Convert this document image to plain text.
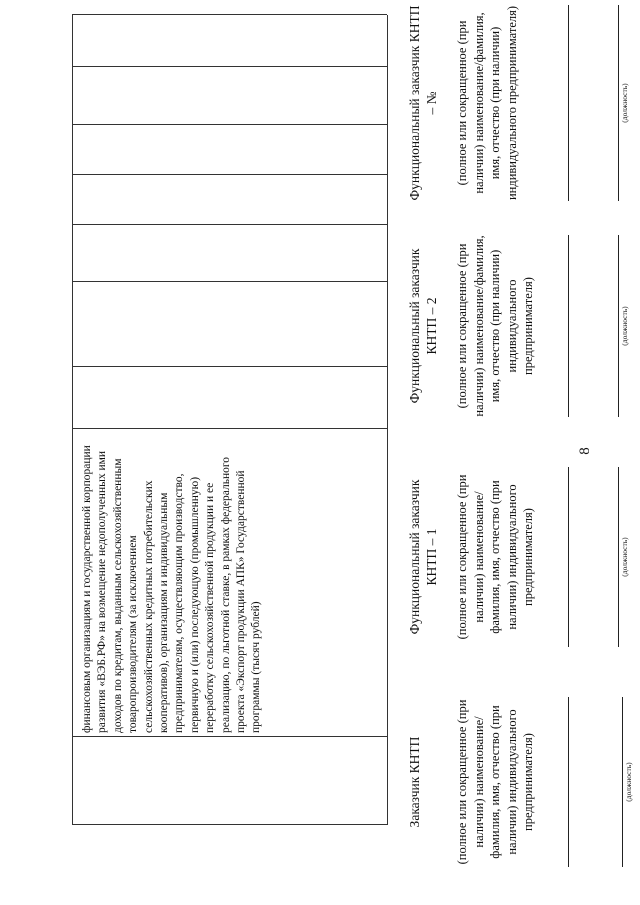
8

финансовым организациям и государственной корпорации развития «ВЭБ.РФ» на возмещение недополученных ими доходов по кредитам, выданным сельскохозяйственным товаропроизводителям (за исключением сельскохозяйственных кредитных потребительских кооперативов), организациям и индивидуальным предпринимателям, осуществляющим производство, первичную и (или) последующую (промышленную) переработку сельскохозяйственной продукции и ее реализацию, по льготной ставке, в рамках федерального проекта «Экспорт продукции АПК» Государственной программы (тысяч рублей)

Заказчик КНТП	(полное или сокращенное (при наличии) наименование/фамилия, имя, отчество (при наличии) индивидуального предпринимателя)	(должность)
Функциональный заказчик КНТП – 1 (полное или сокращенное (при наличии) наименование/фамилия, имя, отчество (при наличии) индивидуального предпринимателя)	(должность)
Функциональный заказчик КНТП – 2 (полное или сокращенное (при наличии) наименование/фамилия, имя, отчество (при наличии) индивидуального предпринимателя)	(должность)
Функциональный заказчик КНТП – № (полное или сокращенное (при наличии) наименование/фамилия, имя, отчество (при наличии) индивидуального предпринимателя)	(должность)
